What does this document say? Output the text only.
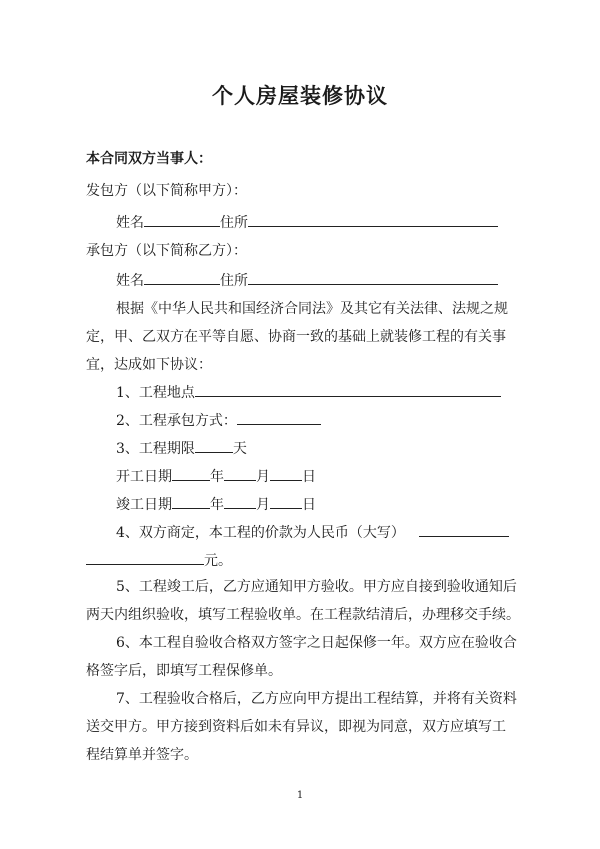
个人房屋装修协议
本合同双方当事人：
发包方（以下简称甲方）：
姓名	住所
承包方（以下简称乙方）：
姓名	住所
根据《中华人民共和国经济合同法》及其它有关法律、法规之规
定，甲、乙双方在平等自愿、协商一致的基础上就装修工程的有关事
宜，达成如下协议：
1、工程地点
2、工程承包方式：
3、工程期限	天
开工日期	年 月 日
竣工日期	年 月 日
4、双方商定，本工程的价款为人民币（大写）
元。
5、工程竣工后，乙方应通知甲方验收。甲方应自接到验收通知后
两天内组织验收，填写工程验收单。在工程款结清后，办理移交手续。
6、本工程自验收合格双方签字之日起保修一年。双方应在验收合
格签字后，即填写工程保修单。
7、工程验收合格后，乙方应向甲方提出工程结算，并将有关资料
送交甲方。甲方接到资料后如未有异议，即视为同意，双方应填写工
程结算单并签字。
1
